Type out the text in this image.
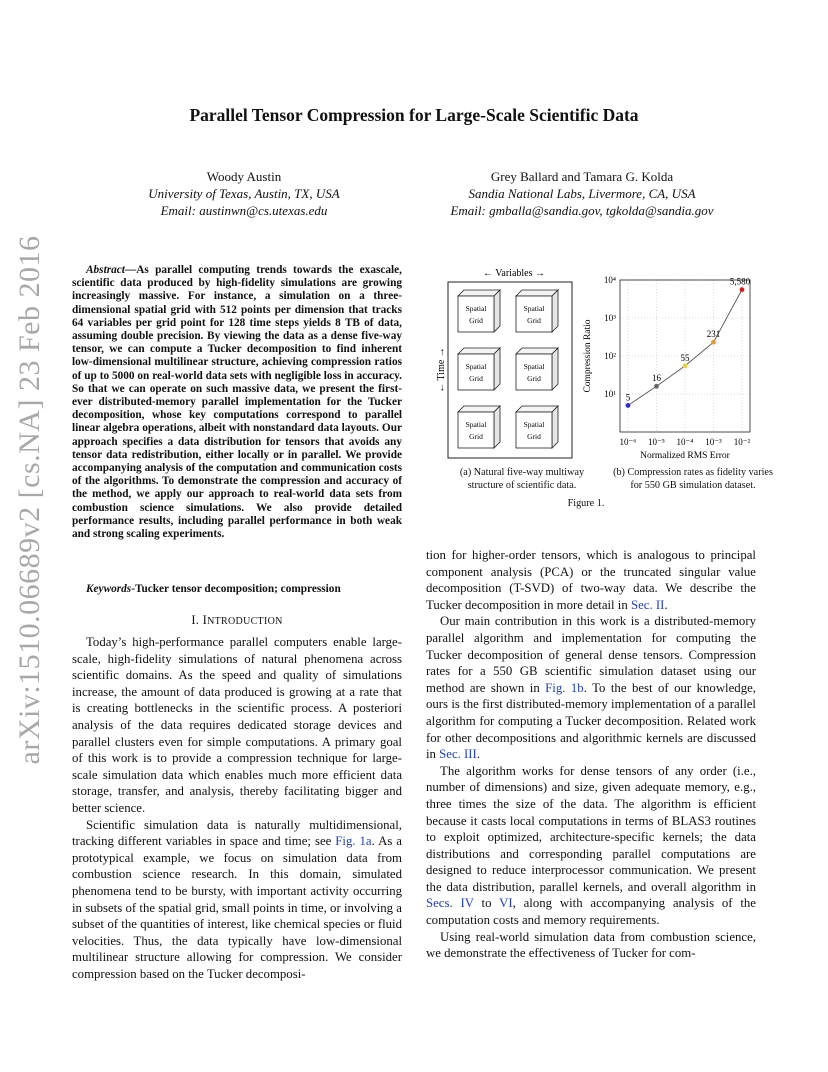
arXiv:1510.06689v2 [cs.NA] 23 Feb 2016
Parallel Tensor Compression for Large-Scale Scientific Data
Woody Austin
University of Texas, Austin, TX, USA
Email: austinwn@cs.utexas.edu
Grey Ballard and Tamara G. Kolda
Sandia National Labs, Livermore, CA, USA
Email: gmballa@sandia.gov, tgkolda@sandia.gov
Abstract—As parallel computing trends towards the exascale, scientific data produced by high-fidelity simulations are growing increasingly massive. For instance, a simulation on a three-dimensional spatial grid with 512 points per dimension that tracks 64 variables per grid point for 128 time steps yields 8 TB of data, assuming double precision. By viewing the data as a dense five-way tensor, we can compute a Tucker decomposition to find inherent low-dimensional multilinear structure, achieving compression ratios of up to 5000 on real-world data sets with negligible loss in accuracy. So that we can operate on such massive data, we present the first-ever distributed-memory parallel implementation for the Tucker decomposition, whose key computations correspond to parallel linear algebra operations, albeit with nonstandard data layouts. Our approach specifies a data distribution for tensors that avoids any tensor data redistribution, either locally or in parallel. We provide accompanying analysis of the computation and communication costs of the algorithms. To demonstrate the compression and accuracy of the method, we apply our approach to real-world data sets from combustion science simulations. We also provide detailed performance results, including parallel performance in both weak and strong scaling experiments.
Keywords-Tucker tensor decomposition; compression
I. INTRODUCTION

Today’s high-performance parallel computers enable large-scale, high-fidelity simulations of natural phenomena across scientific domains. As the speed and quality of simulations increase, the amount of data produced is growing at a rate that is creating bottlenecks in the scientific process. A posteriori analysis of the data requires dedicated storage devices and parallel clusters even for simple computations. A primary goal of this work is to provide a compression technique for large-scale simulation data which enables much more efficient data storage, transfer, and analysis, thereby facilitating bigger and better science.

Scientific simulation data is naturally multidimensional, tracking different variables in space and time; see Fig. 1a. As a prototypical example, we focus on simulation data from combustion science research. In this domain, simulated phenomena tend to be bursty, with important activity occurring in subsets of the spatial grid, small points in time, or involving a subset of the quantities of interest, like chemical species or fluid velocities. Thus, the data typically have low-dimensional multilinear structure allowing for compression. We consider compression based on the Tucker decomposi-

← Variables →
← Time →
Spatial
Grid
Spatial
Grid
Spatial
Grid
Spatial
Grid
Spatial
Grid
Spatial
Grid
(a) Natural five-way multiway structure of scientific data.
5
16
55
231
5,580
10¹
10²
10³
10⁴
10⁻⁶ 10⁻⁵ 10⁻⁴ 10⁻³ 10⁻²
Compression Ratio
Normalized RMS Error
(b) Compression rates as fidelity varies for 550 GB simulation dataset.
Figure 1.

tion for higher-order tensors, which is analogous to principal component analysis (PCA) or the truncated singular value decomposition (T-SVD) of two-way data. We describe the Tucker decomposition in more detail in Sec. II.

Our main contribution in this work is a distributed-memory parallel algorithm and implementation for computing the Tucker decomposition of general dense tensors. Compression rates for a 550 GB scientific simulation dataset using our method are shown in Fig. 1b. To the best of our knowledge, ours is the first distributed-memory implementation of a parallel algorithm for computing a Tucker decomposition. Related work for other decompositions and algorithmic kernels are discussed in Sec. III.

The algorithm works for dense tensors of any order (i.e., number of dimensions) and size, given adequate memory, e.g., three times the size of the data. The algorithm is efficient because it casts local computations in terms of BLAS3 routines to exploit optimized, architecture-specific kernels; the data distributions and corresponding parallel computations are designed to reduce interprocessor communication. We present the data distribution, parallel kernels, and overall algorithm in Secs. IV to VI, along with accompanying analysis of the computation costs and memory requirements.

Using real-world simulation data from combustion science, we demonstrate the effectiveness of Tucker for com-
